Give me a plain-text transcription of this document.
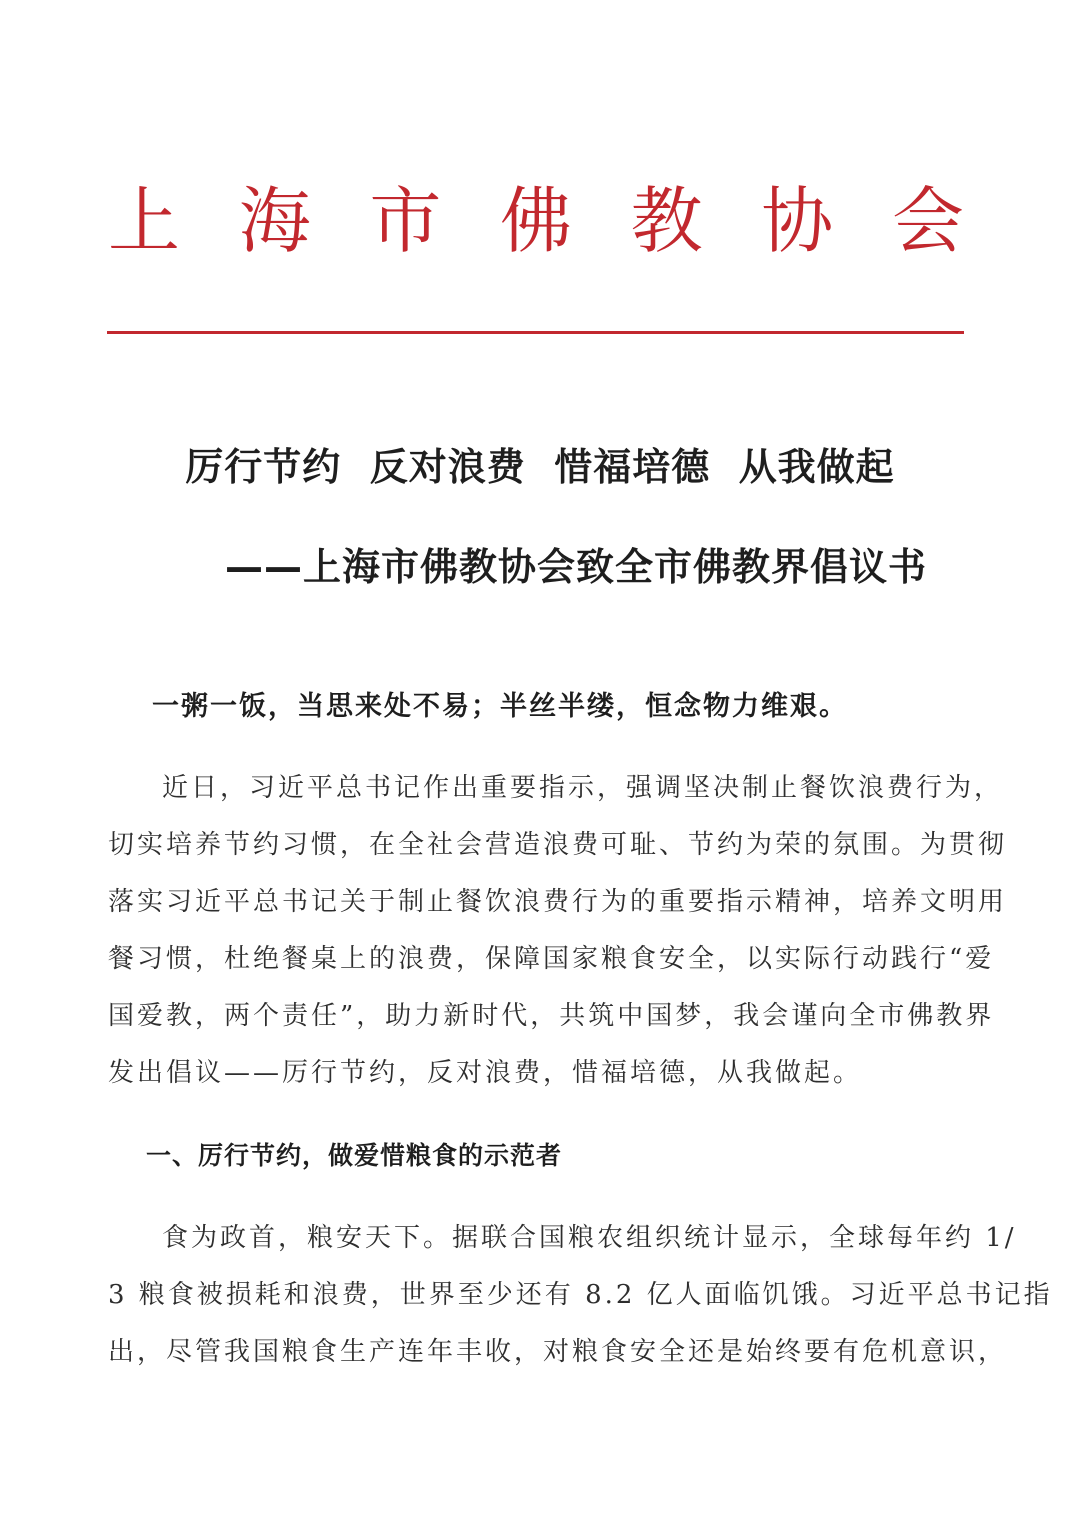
上 海 市 佛 教 协 会
厉行节约  反对浪费  惜福培德  从我做起
——上海市佛教协会致全市佛教界倡议书
一粥一饭，当思来处不易；半丝半缕，恒念物力维艰。
近日，习近平总书记作出重要指示，强调坚决制止餐饮浪费行为，
切实培养节约习惯，在全社会营造浪费可耻、节约为荣的氛围。为贯彻
落实习近平总书记关于制止餐饮浪费行为的重要指示精神，培养文明用
餐习惯，杜绝餐桌上的浪费，保障国家粮食安全，以实际行动践行“爱
国爱教，两个责任”，助力新时代，共筑中国梦，我会谨向全市佛教界
发出倡议——厉行节约，反对浪费，惜福培德，从我做起。
一、厉行节约，做爱惜粮食的示范者
食为政首，粮安天下。据联合国粮农组织统计显示，全球每年约 1/
3 粮食被损耗和浪费，世界至少还有 8.2 亿人面临饥饿。习近平总书记指
出，尽管我国粮食生产连年丰收，对粮食安全还是始终要有危机意识，
